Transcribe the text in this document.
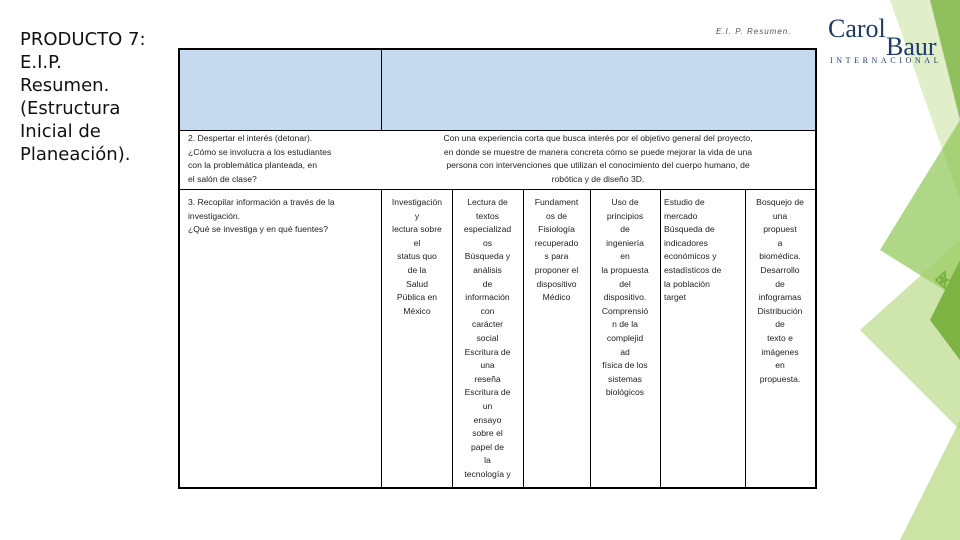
PRODUCTO 7:
E.I.P.
Resumen.
(Estructura
Inicial de
Planeación).
E.I. P. Resumen. Carol
Baur
INTERNACIONAL
2. Despertar el interés (detonar).
¿Cómo se involucra a los estudiantes
con la problemática planteada, en
el salón de clase?
Con una experiencia corta que busca interés por el objetivo general del proyecto,
en donde se muestre de manera concreta cómo se puede mejorar la vida de una
persona con intervenciones que utilizan el conocimiento del cuerpo humano, de
robótica y de diseño 3D.
3. Recopilar información a través de la
investigación.
¿Qué se investiga y en qué fuentes?
Investigación
y
lectura sobre
el
status quo
de la
Salud
Pública en
México
Lectura de
textos
especializad
os
Búsqueda y
análisis
de
información
con
carácter
social
Escritura de
una
reseña
Escritura de
un
ensayo
sobre el
papel de
la
tecnología y
Fundament
os de
Fisiología
recuperado
s para
proponer el
dispositivo
Médico
Uso de
principios
de
ingeniería
en
la propuesta
del
dispositivo.
Comprensió
n de la
complejid
ad
física de los
sistemas
biológicos
Estudio de
mercado
Búsqueda de
indicadores
económicos y
estadísticos de
la población
target
Bosquejo de
una
propuest
a
biomédica.
Desarrollo
de
infogramas
Distribución
de
texto e
imágenes
en
propuesta.
